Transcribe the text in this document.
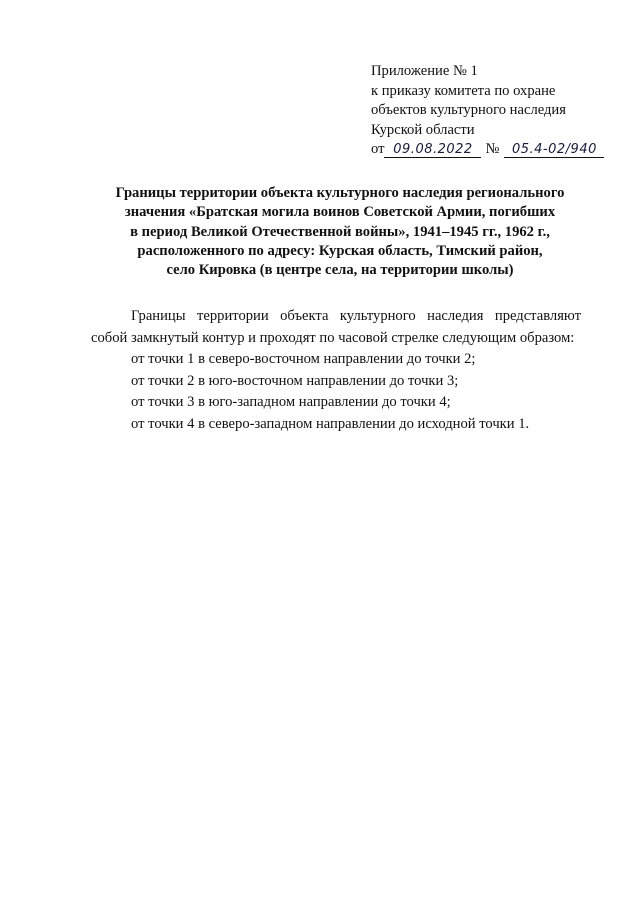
Приложение № 1
к приказу комитета по охране
объектов культурного наследия
Курской области
от 09.08.2022 № 05.4-02/940
Границы территории объекта культурного наследия регионального
значения «Братская могила воинов Советской Армии, погибших
в период Великой Отечественной войны», 1941–1945 гг., 1962 г.,
расположенного по адресу: Курская область, Тимский район,
село Кировка (в центре села, на территории школы)

Границы территории объекта культурного наследия представляют собой замкнутый контур и проходят по часовой стрелке следующим образом:

от точки 1 в северо-восточном направлении до точки 2;

от точки 2 в юго-восточном направлении до точки 3;

от точки 3 в юго-западном направлении до точки 4;

от точки 4 в северо-западном направлении до исходной точки 1.
